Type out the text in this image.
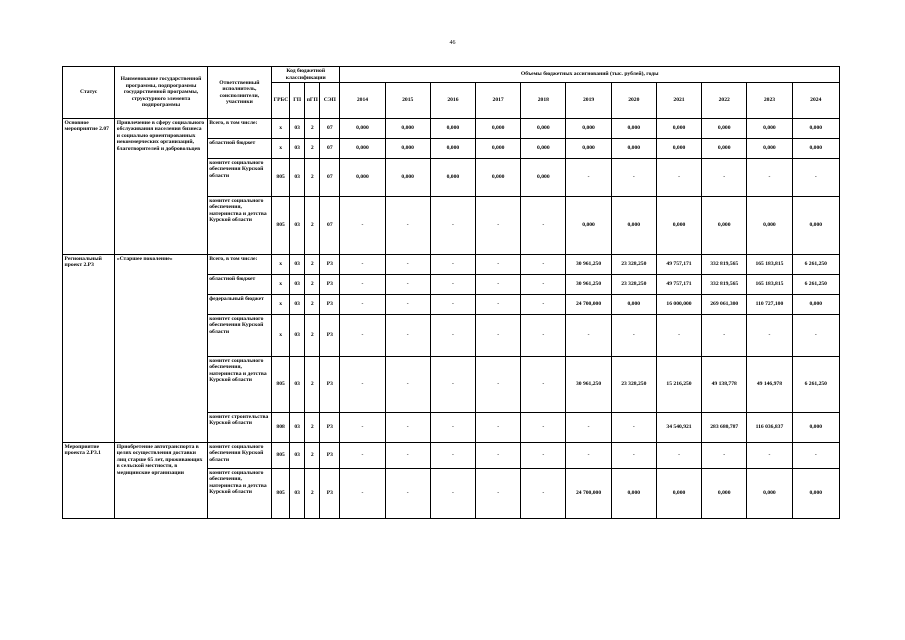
46
Статус	Наименование государственной программы, подпрограммы государственной программы, структурного элемента подпрограммы	Ответственный исполнитель, соисполнители, участники	Код бюджетной классификации				Объемы бюджетных ассигнований (тыс. рублей), годы										
			ГРБС	ГП	пГП	СЭП	2014	2015	2016	2017	2018	2019	2020	2021	2022	2023	2024
Основное мероприятие 2.07	Привлечение в сферу социального обслуживания населения бизнеса и социально ориентированных некоммерческих организаций, благотворителей и добровольцев	Всего, в том числе:	х	03	2	07	0,000	0,000	0,000	0,000	0,000	0,000	0,000	0,000	0,000	0,000	0,000
		областной бюджет	х	03	2	07	0,000	0,000	0,000	0,000	0,000	0,000	0,000	0,000	0,000	0,000	0,000
		комитет социального обеспечения Курской области	805	03	2	07	0,000	0,000	0,000	0,000	0,000	-	-	-	-	-	-
		комитет социального обеспечения, материнства и детства Курской области	805	03	2	07	-	-	-	-	-	0,000	0,000	0,000	0,000	0,000	0,000
Региональный проект 2.Р3	«Старшее поколение»	Всего, в том числе:	х	03	2	Р3	-	-	-	-	-	30 961,250	23 328,250	49 757,171	332 819,565	165 183,815	6 261,250
		областной бюджет	х	03	2	Р3	-	-	-	-	-	30 961,250	23 328,250	49 757,171	332 819,565	165 183,815	6 261,250
		федеральный бюджет	х	03	2	Р3	-	-	-	-	-	24 700,000	0,000	16 000,000	269 061,300	110 727,100	0,000
		комитет социального обеспечения Курской области	х	03	2	Р3	-	-	-	-	-	-	-	-	-	-	-
		комитет социального обеспечения, материнства и детства Курской области	805	03	2	Р3	-	-	-	-	-	30 961,250	23 328,250	15 216,250	49 138,778	49 146,978	6 261,250
		комитет строительства Курской области	808	03	2	Р3	-	-	-	-	-	-	-	34 540,921	283 680,787	116 036,837	0,000
Мероприятие проекта 2.Р3.1	Приобретение автотранспорта в целях осуществления доставки лиц старше 65 лет, проживающих в сельской местности, в медицинские организации	комитет социального обеспечения Курской области	805	03	2	Р3	-	-	-	-	-	-	-	-	-	-	-
		комитет социального обеспечения, материнства и детства Курской области	805	03	2	Р3	-	-	-	-	-	24 700,000	0,000	0,000	0,000	0,000	0,000
